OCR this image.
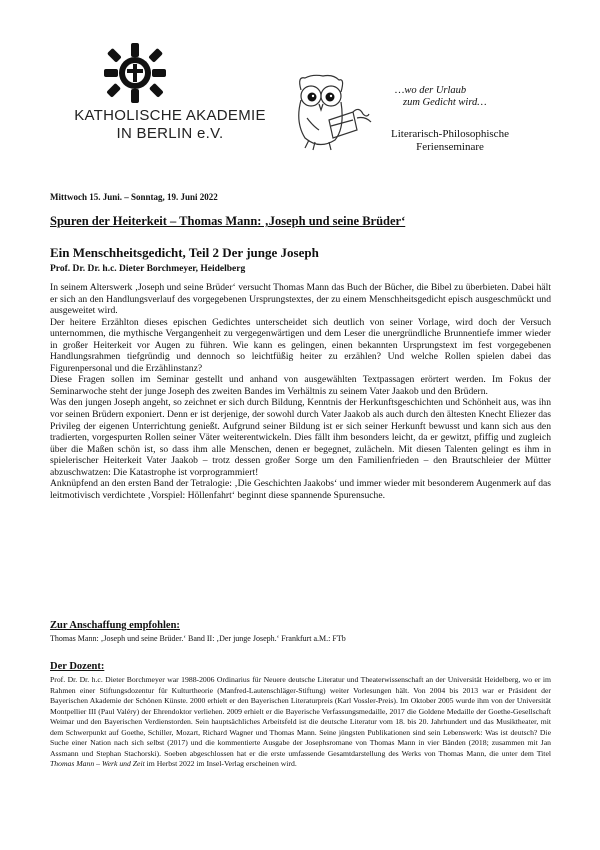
KATHOLISCHE AKADEMIE
IN BERLIN e.V.
…wo der Urlaub
zum Gedicht wird…
Literarisch-Philosophische
Ferienseminare
Mittwoch 15. Juni. – Sonntag, 19. Juni 2022
Spuren der Heiterkeit – Thomas Mann: ‚Joseph und seine Brüder‘
Ein Menschheitsgedicht, Teil 2 Der junge Joseph
Prof. Dr. Dr. h.c. Dieter Borchmeyer, Heidelberg

In seinem Alterswerk ‚Joseph und seine Brüder‘ versucht Thomas Mann das Buch der Bücher, die Bibel zu überbieten. Dabei hält er sich an den Handlungsverlauf des vorgegebenen Ursprungstextes, der zu einem Menschheitsgedicht episch ausgeschmückt und ausgeweitet wird.

Der heitere Erzählton dieses epischen Gedichtes unterscheidet sich deutlich von seiner Vorlage, wird doch der Versuch unternommen, die mythische Vergangenheit zu vergegenwärtigen und dem Leser die unergründliche Brunnentiefe immer wieder in großer Heiterkeit vor Augen zu führen. Wie kann es gelingen, einen bekannten Ursprungstext im fest vorgegebenen Handlungsrahmen tiefgründig und dennoch so leichtfüßig heiter zu erzählen? Und welche Rollen spielen dabei das Figurenpersonal und die Erzählinstanz?

Diese Fragen sollen im Seminar gestellt und anhand von ausgewählten Textpassagen erörtert werden. Im Fokus der Seminarwoche steht der junge Joseph des zweiten Bandes im Verhältnis zu seinem Vater Jaakob und den Brüdern.

Was den jungen Joseph angeht, so zeichnet er sich durch Bildung, Kenntnis der Herkunftsgeschichten und Schönheit aus, was ihn vor seinen Brüdern exponiert. Denn er ist derjenige, der sowohl durch Vater Jaakob als auch durch den ältesten Knecht Eliezer das Privileg der eigenen Unterrichtung genießt. Aufgrund seiner Bildung ist er sich seiner Herkunft bewusst und kann sich aus den tradierten, vorgespurten Rollen seiner Väter weiterentwickeln. Dies fällt ihm besonders leicht, da er gewitzt, pfiffig und zugleich über die Maßen schön ist, so dass ihm alle Menschen, denen er begegnet, zulächeln. Mit diesen Talenten gelingt es ihm in spielerischer Heiterkeit Vater Jaakob – trotz dessen großer Sorge um den Familienfrieden – den Brautschleier der Mütter abzuschwatzen: Die Katastrophe ist vorprogrammiert!

Anknüpfend an den ersten Band der Tetralogie: ‚Die Geschichten Jaakobs‘ und immer wieder mit besonderem Augenmerk auf das leitmotivisch verdichtete ‚Vorspiel: Höllenfahrt‘ beginnt diese spannende Spurensuche.

Zur Anschaffung empfohlen:
Thomas Mann: ‚Joseph und seine Brüder.‘ Band II: ‚Der junge Joseph.‘ Frankfurt a.M.: FTb
Der Dozent:
Prof. Dr. Dr. h.c. Dieter Borchmeyer war 1988-2006 Ordinarius für Neuere deutsche Literatur und Theaterwissenschaft an der Universität Heidelberg, wo er im Rahmen einer Stiftungsdozentur für Kulturtheorie (Manfred-Lautenschläger-Stiftung) weiter Vorlesungen hält. Von 2004 bis 2013 war er Präsident der Bayerischen Akademie der Schönen Künste. 2000 erhielt er den Bayerischen Literaturpreis (Karl Vossler-Preis). Im Oktober 2005 wurde ihm von der Universität Montpellier III (Paul Valéry) der Ehrendoktor verliehen. 2009 erhielt er die Bayerische Verfassungsmedaille, 2017 die Goldene Medaille der Goethe-Gesellschaft Weimar und den Bayerischen Verdienstorden. Sein hauptsächliches Arbeitsfeld ist die deutsche Literatur vom 18. bis 20. Jahrhundert und das Musiktheater, mit dem Schwerpunkt auf Goethe, Schiller, Mozart, Richard Wagner und Thomas Mann. Seine jüngsten Publikationen sind sein Lebenswerk: Was ist deutsch? Die Suche einer Nation nach sich selbst (2017) und die kommentierte Ausgabe der Josephsromane von Thomas Mann in vier Bänden (2018; zusammen mit Jan Assmann und Stephan Stachorski). Soeben abgeschlossen hat er die erste umfassende Gesamtdarstellung des Werks von Thomas Mann, die unter dem Titel Thomas Mann – Werk und Zeit im Herbst 2022 im Insel-Verlag erscheinen wird.
